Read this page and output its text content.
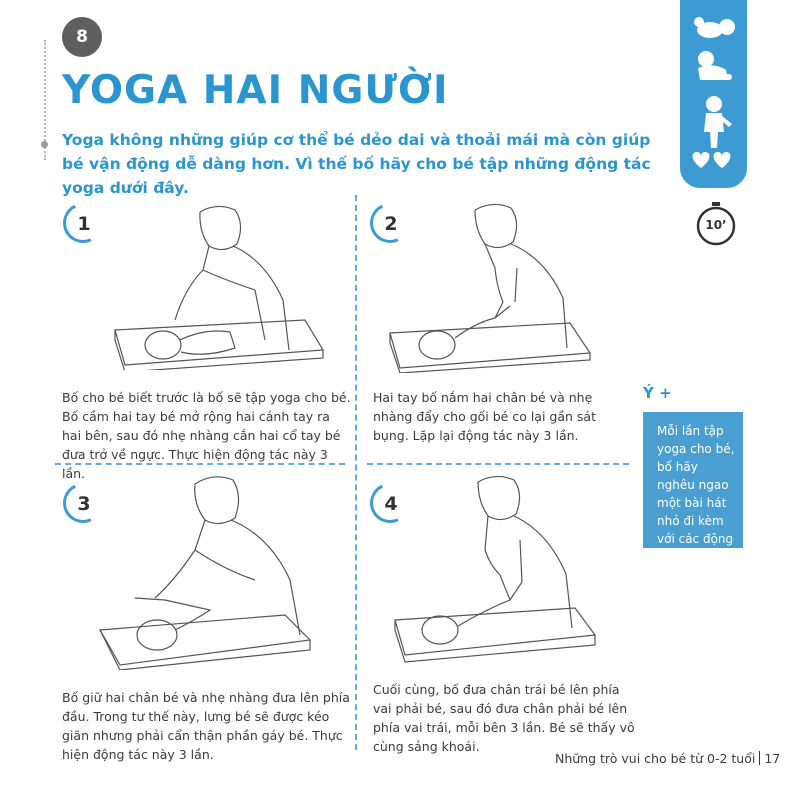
8
YOGA HAI NGƯỜI

Yoga không những giúp cơ thể bé dẻo dai và thoải mái mà còn giúp bé vận động dễ dàng hơn. Vì thế bố hãy cho bé tập những động tác yoga dưới đây.

10’
1

Bố cho bé biết trước là bố sẽ tập yoga cho bé. Bố cầm hai tay bé mở rộng hai cánh tay ra hai bên, sau đó nhẹ nhàng cắn hai cổ tay bé đưa trở về ngực. Thực hiện động tác này 3 lần.

2

Hai tay bố nắm hai chân bé và nhẹ nhàng đẩy cho gối bé co lại gần sát bụng. Lặp lại động tác này 3 lần.

3

Bố giữ hai chân bé và nhẹ nhàng đưa lên phía đầu. Trong tư thế này, lưng bé sẽ được kéo giãn nhưng phải cẩn thận phần gáy bé. Thực hiện động tác này 3 lần.

4

Cuối cùng, bố đưa chân trái bé lên phía vai phải bé, sau đó đưa chân phải bé lên phía vai trái, mỗi bên 3 lần. Bé sẽ thấy vô cùng sảng khoái.

Ý +

Mỗi lần tập yoga cho bé, bố hãy nghêu ngao một bài hát nhỏ đi kèm với các động tác.
Những trò vui cho bé từ 0-2 tuổi 17
